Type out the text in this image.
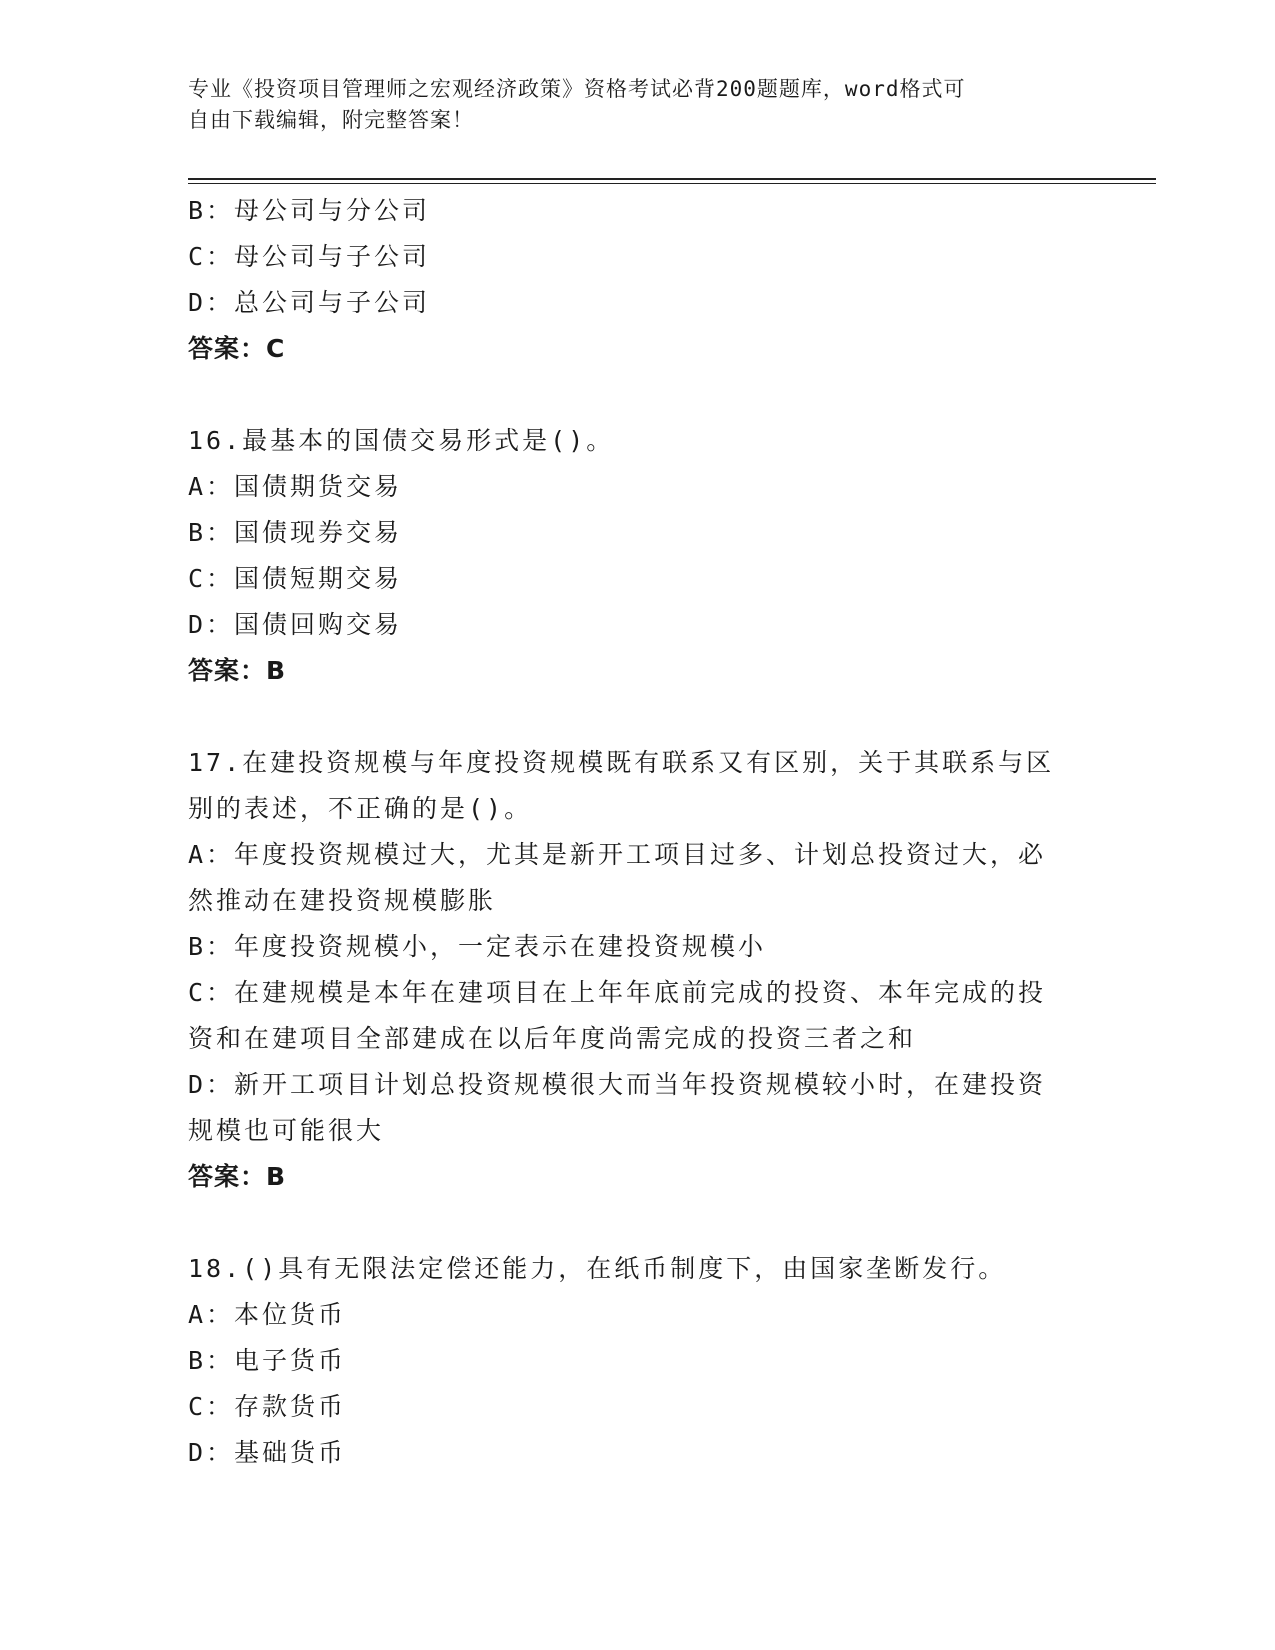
专业《投资项目管理师之宏观经济政策》资格考试必背200题题库，word格式可
自由下载编辑，附完整答案！
B：母公司与分公司
C：母公司与子公司
D：总公司与子公司
答案：C
16.最基本的国债交易形式是()。
A：国债期货交易
B：国债现券交易
C：国债短期交易
D：国债回购交易
答案：B
17.在建投资规模与年度投资规模既有联系又有区别，关于其联系与区
别的表述，不正确的是()。
A：年度投资规模过大，尤其是新开工项目过多、计划总投资过大，必
然推动在建投资规模膨胀
B：年度投资规模小，一定表示在建投资规模小
C：在建规模是本年在建项目在上年年底前完成的投资、本年完成的投
资和在建项目全部建成在以后年度尚需完成的投资三者之和
D：新开工项目计划总投资规模很大而当年投资规模较小时，在建投资
规模也可能很大
答案：B
18.()具有无限法定偿还能力，在纸币制度下，由国家垄断发行。
A：本位货币
B：电子货币
C：存款货币
D：基础货币
